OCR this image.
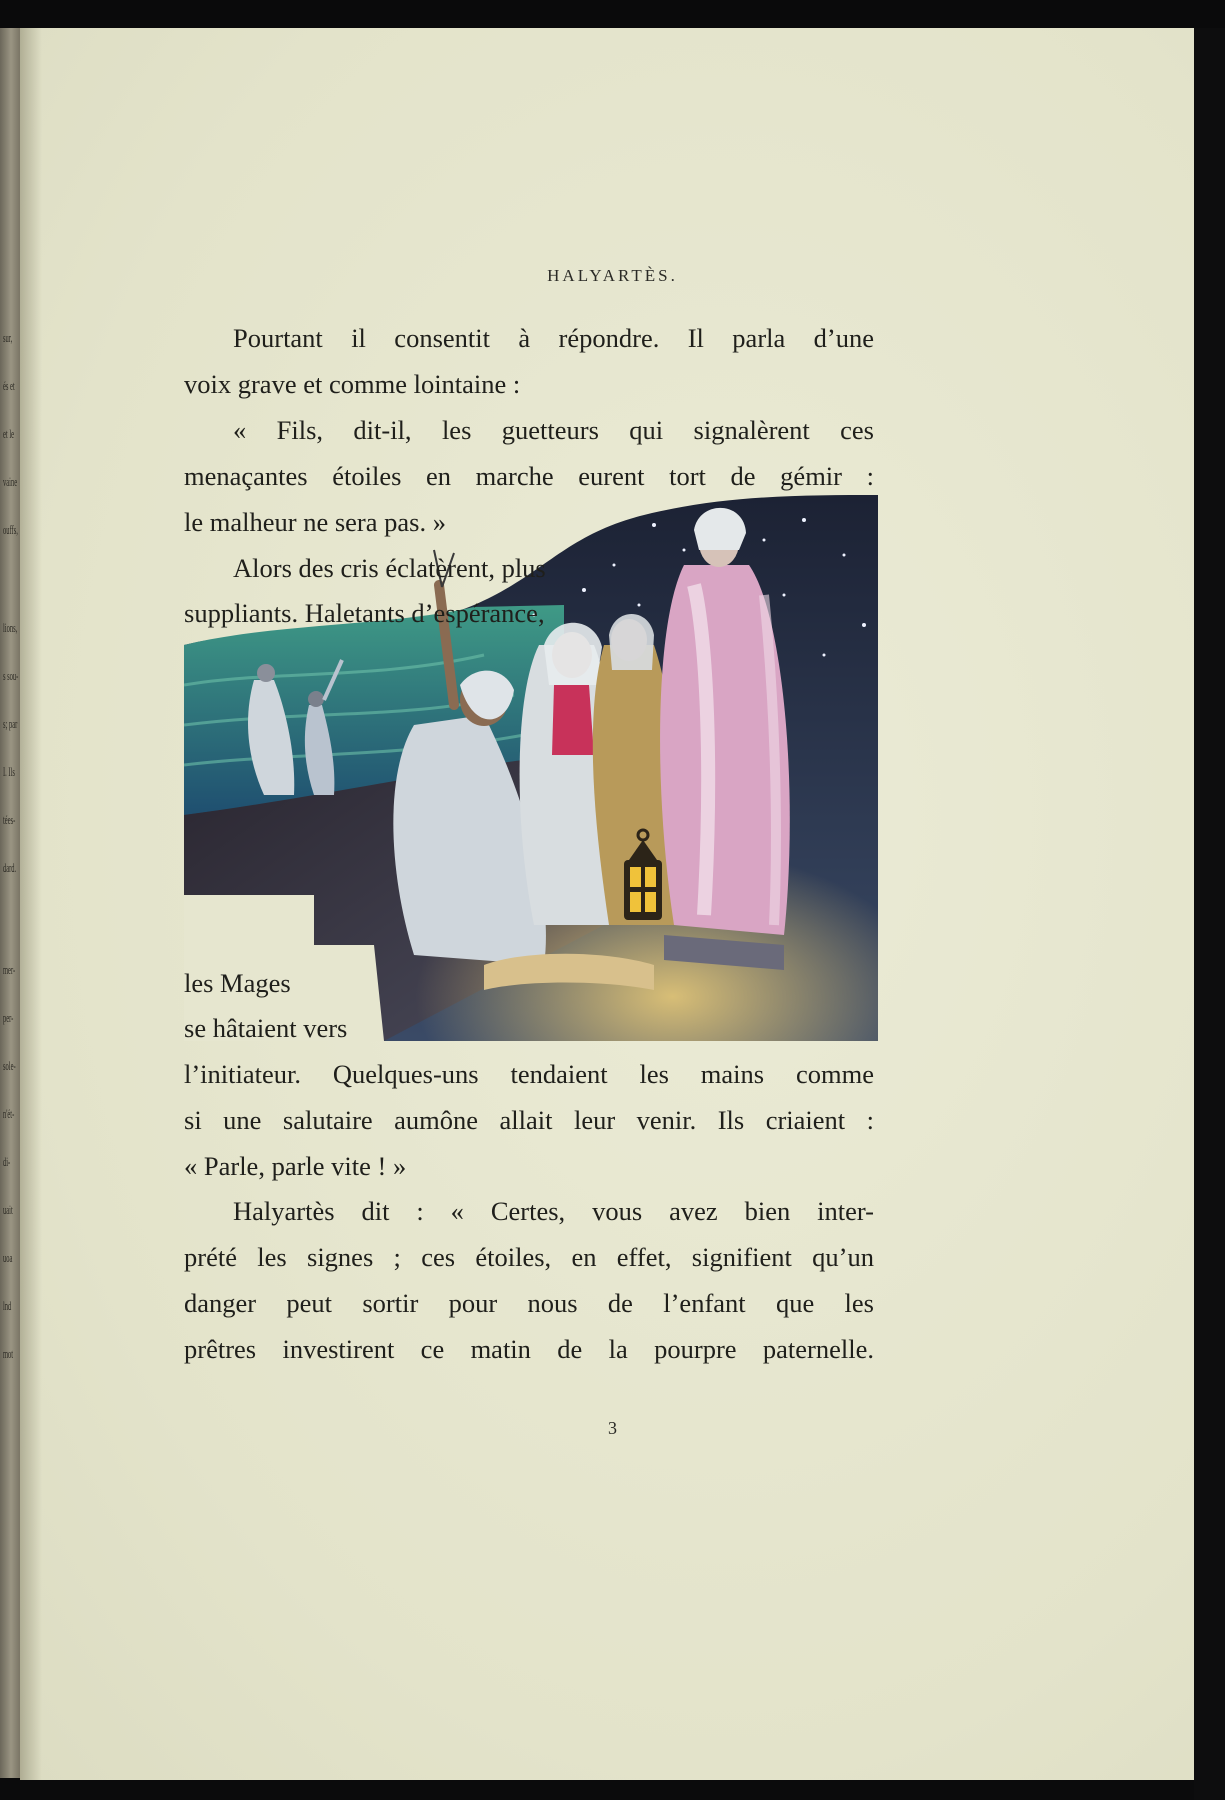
sur,
és et
et le
vaine
ouffs,
lions,
s sou-
s; par
I. Ils
tées-
dard.
mer-
per-
sole-
n'ét-
di-
uait
uoa
lnd
mot
HALYARTÈS.
Pourtant il consentit à répondre. Il parla d’une
voix grave et comme lointaine :
« Fils, dit-il, les guetteurs qui signalèrent ces
menaçantes étoiles en marche eurent tort de gémir :
le malheur ne sera pas. »
Alors des cris éclatèrent, plus
suppliants. Haletants d’espérance,
les Mages
se hâtaient vers
l’initiateur. Quelques-uns tendaient les mains comme
si une salutaire aumône allait leur venir. Ils criaient :
« Parle, parle vite ! »
Halyartès dit : « Certes, vous avez bien inter-
prété les signes ; ces étoiles, en effet, signifient qu’un
danger peut sortir pour nous de l’enfant que les
prêtres investirent ce matin de la pourpre paternelle.
3
